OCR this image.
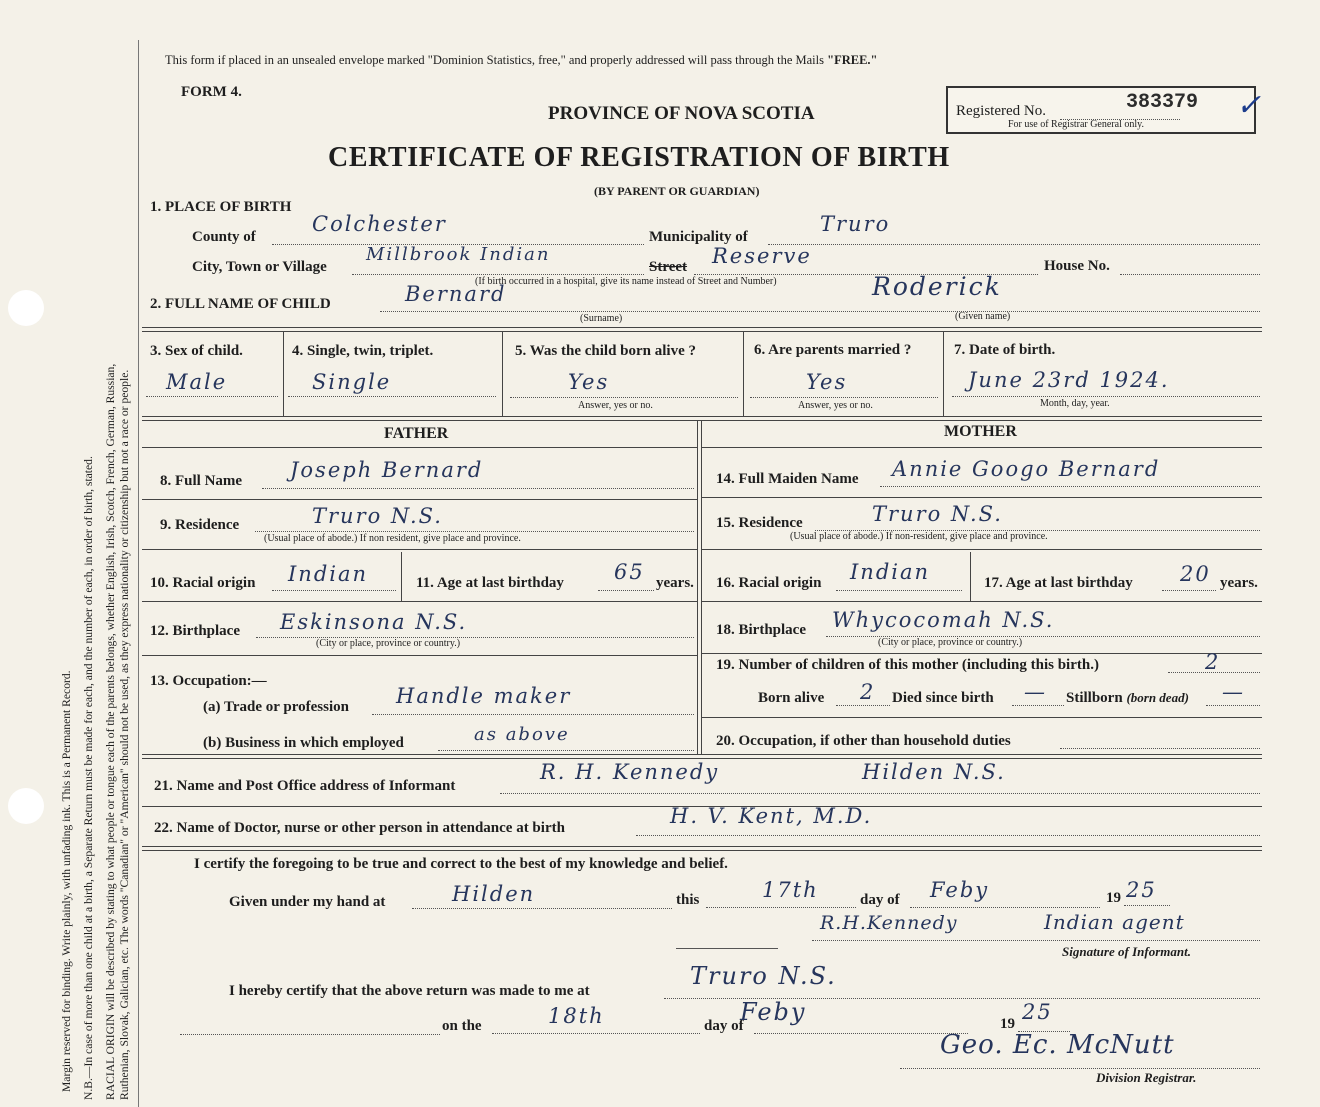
Margin reserved for binding. Write plainly, with unfading ink. This is a Permanent Record. N.B.—In case of more than one child at a birth, a Separate Return must be made for each, and the number of each, in order of birth, stated. RACIAL ORIGIN will be described by stating to what people or tongue each of the parents belongs, whether English, Irish, Scotch, French, German, Russian, Ruthenian, Slovak, Galician, etc. The words "Canadian" or "American" should not be used, as they express nationality or citizenship but not a race or people.
This form if placed in an unsealed envelope marked "Dominion Statistics, free," and properly addressed will pass through the Mails "FREE."
FORM 4.
PROVINCE OF NOVA SCOTIA
CERTIFICATE OF REGISTRATION OF BIRTH
(BY PARENT OR GUARDIAN)
Registered No.	383379 ✓
For use of Registrar General only.
1. PLACE OF BIRTH
County of
Colchester
Municipality of
Truro
City, Town or Village
Millbrook Indian
Street Reserve	House No.
(If birth occurred in a hospital, give its name instead of Street and Number)
2. FULL NAME OF CHILD	Bernard	Roderick
(Surname)	(Given name)
3. Sex of child.
Male
4. Single, twin, triplet.
Single
5. Was the child born alive ?
Yes
Answer, yes or no.
6. Are parents married ?
Yes
Answer, yes or no.
7. Date of birth.
June 23rd 1924.
Month, day, year.
FATHER
8. Full Name Joseph Bernard
9. Residence	Truro N.S.
(Usual place of abode.) If non resident, give place and province.
10. Racial origin Indian	11. Age at last birthday 65 years.
12. Birthplace Eskinsona N.S.
(City or place, province or country.)
13. Occupation:—
(a) Trade or profession Handle maker
(b) Business in which employed	as above
MOTHER
14. Full Maiden Name Annie Googo Bernard
15. Residence	Truro N.S.
(Usual place of abode.) If non-resident, give place and province.
16. Racial origin Indian	17. Age at last birthday 20 years.
18. Birthplace Whycocomah N.S.
(City or place, province or country.)
19. Number of children of this mother (including this birth.)	2
Born alive 2 Died since birth — Stillborn (born dead) —
20. Occupation, if other than household duties
21. Name and Post Office address of Informant
R. H. Kennedy	Hilden N.S.
22. Name of Doctor, nurse or other person in attendance at birth	H. V. Kent, M.D.
I certify the foregoing to be true and correct to the best of my knowledge and belief.
Given under my hand at	Hilden	this	17th	day of Feby	19 25
R.H.Kennedy	Indian agent
Signature of Informant.
I hereby certify that the above return was made to me at
Truro N.S.
on the	18th	day of
Feby	19 25
Geo. Ec. McNutt
Division Registrar.
